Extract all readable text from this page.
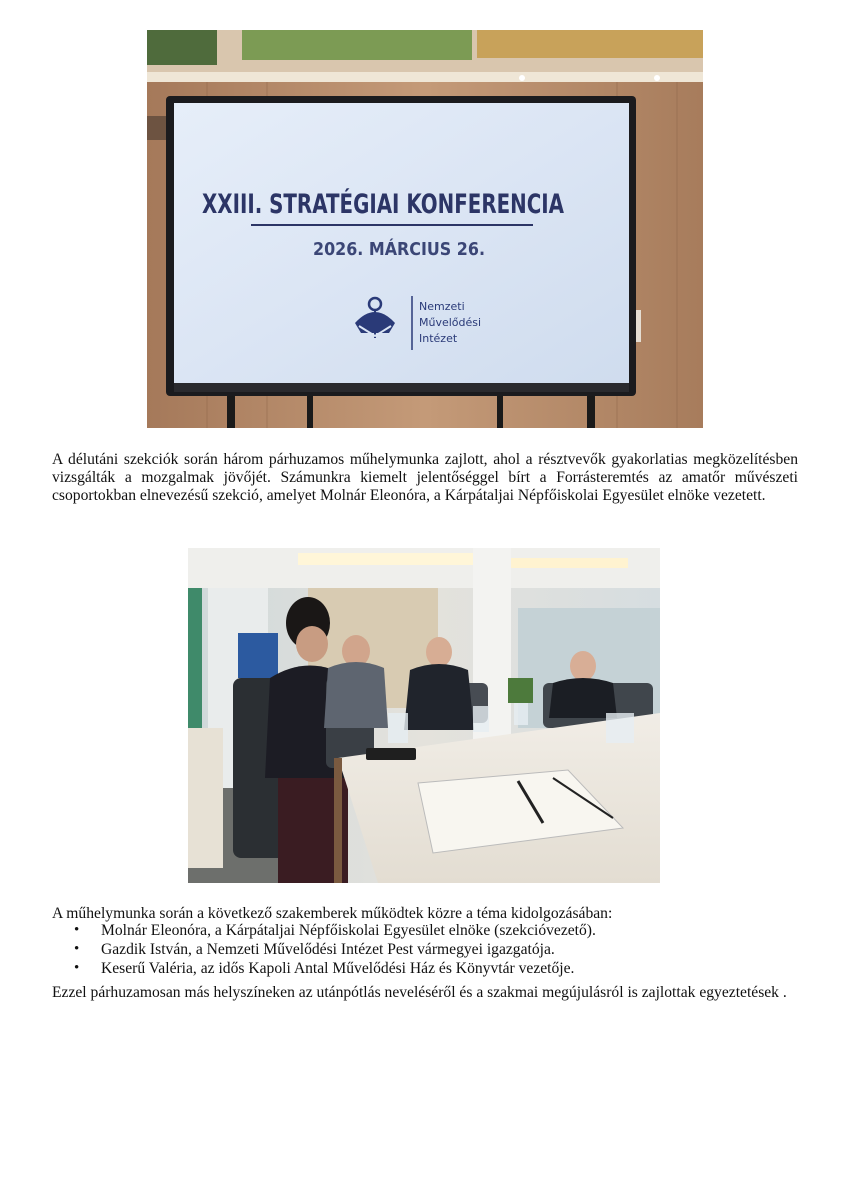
XXIII. STRATÉGIAI KONFERENCIA
2026. MÁRCIUS 26.
Nemzeti
Művelődési
Intézet

A délutáni szekciók során három párhuzamos műhelymunka zajlott, ahol a résztvevők gyakorlatias megközelítésben vizsgálták a mozgalmak jövőjét. Számunkra kiemelt jelentőséggel bírt a Forrásteremtés az amatőr művészeti csoportokban elnevezésű szekció, amelyet Molnár Eleonóra, a Kárpátaljai Népfőiskolai Egyesület elnöke vezetett.

A műhelymunka során a következő szakemberek működtek közre a téma kidolgozásában:

• Molnár Eleonóra, a Kárpátaljai Népfőiskolai Egyesület elnöke (szekcióvezető).
• Gazdik István, a Nemzeti Művelődési Intézet Pest vármegyei igazgatója.
• Keserű Valéria, az idős Kapoli Antal Művelődési Ház és Könyvtár vezetője.

Ezzel párhuzamosan más helyszíneken az utánpótlás neveléséről és a szakmai megújulásról is zajlottak egyeztetések .
